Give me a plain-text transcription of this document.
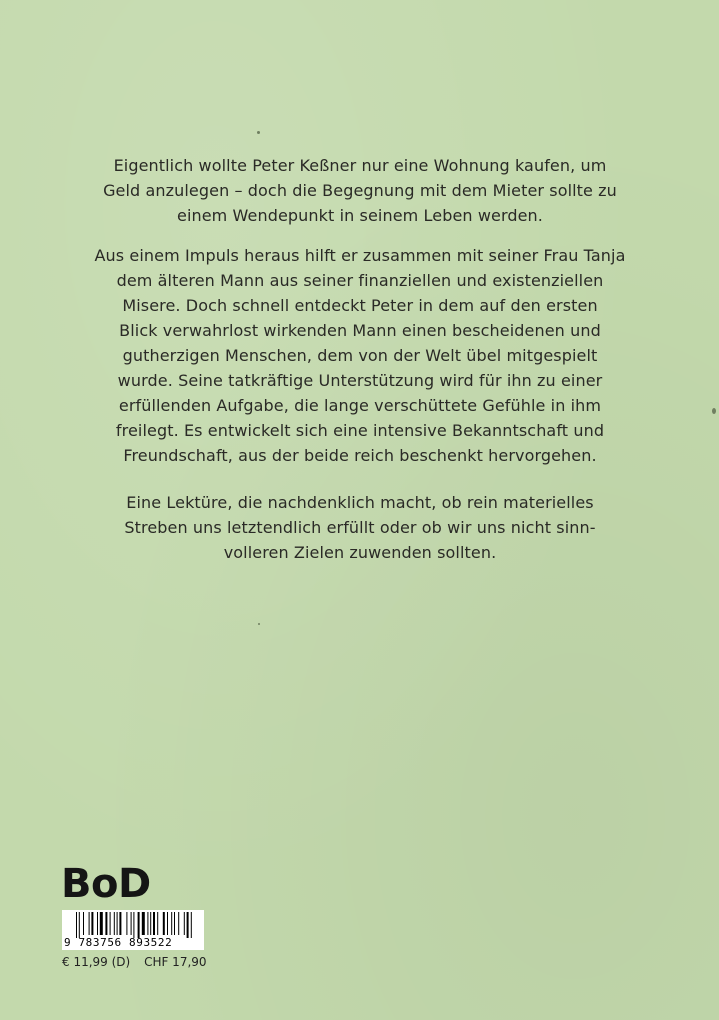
Eigentlich wollte Peter Keßner nur eine Wohnung kaufen, um
Geld anzulegen – doch die Begegnung mit dem Mieter sollte zu
einem Wendepunkt in seinem Leben werden.

Aus einem Impuls heraus hilft er zusammen mit seiner Frau Tanja
dem älteren Mann aus seiner finanziellen und existenziellen
Misere. Doch schnell entdeckt Peter in dem auf den ersten
Blick verwahrlost wirkenden Mann einen bescheidenen und
gutherzigen Menschen, dem von der Welt übel mitgespielt
wurde. Seine tatkräftige Unterstützung wird für ihn zu einer
erfüllenden Aufgabe, die lange verschüttete Gefühle in ihm
freilegt. Es entwickelt sich eine intensive Bekanntschaft und
Freundschaft, aus der beide reich beschenkt hervorgehen.

Eine Lektüre, die nachdenklich macht, ob rein materielles
Streben uns letztendlich erfüllt oder ob wir uns nicht sinn-
volleren Zielen zuwenden sollten.

BoD
9 783756 893522
€ 11,99 (D) CHF 17,90
